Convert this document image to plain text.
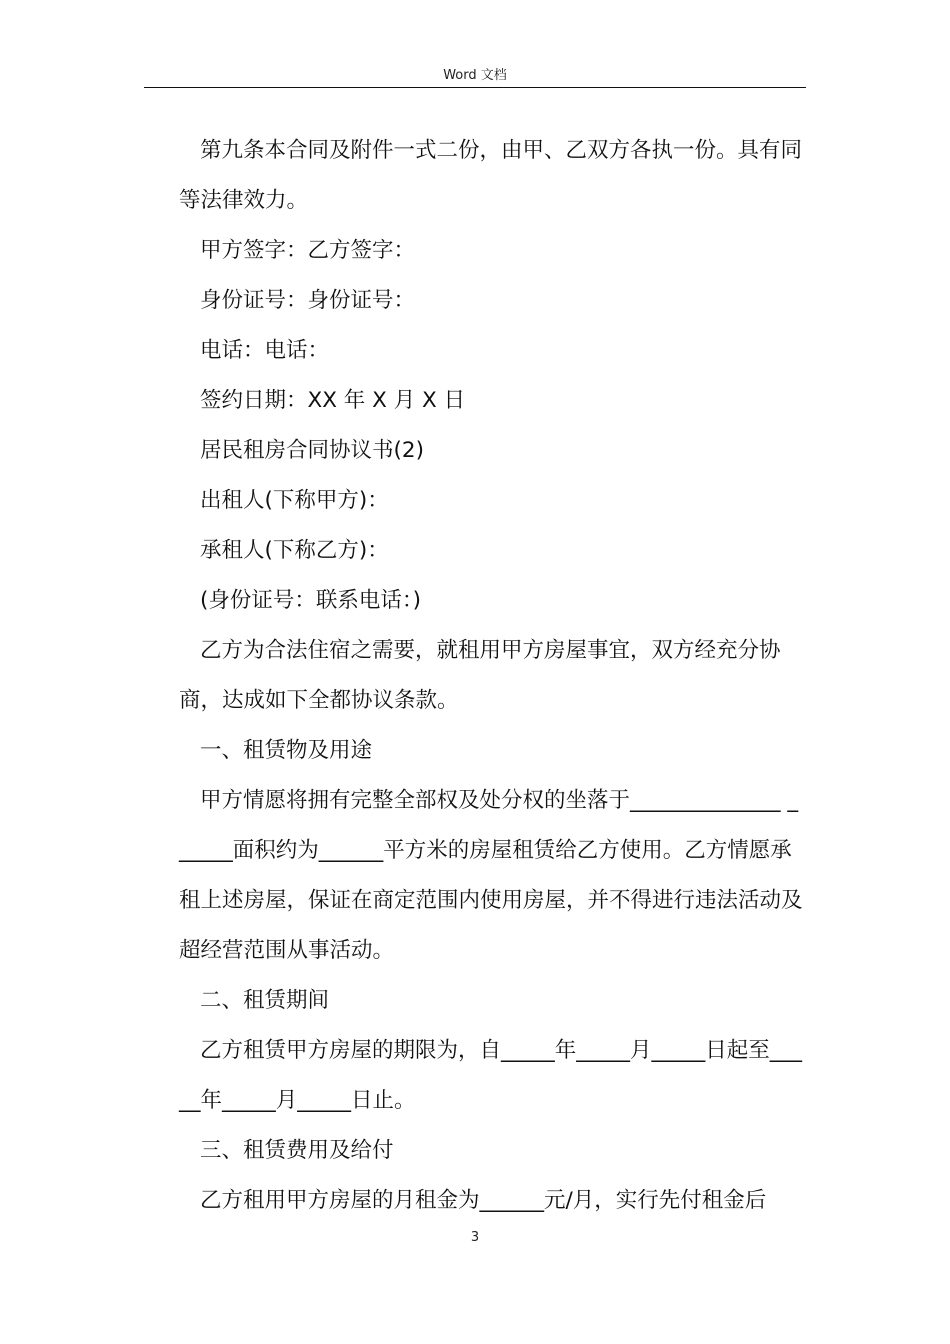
Word 文档

第九条本合同及附件一式二份，由甲、乙双方各执一份。具有同等法律效力。

甲方签字：乙方签字：

身份证号：身份证号：

电话：电话：

签约日期：XX 年 X 月 X 日

居民租房合同协议书(2)

出租人(下称甲方)：

承租人(下称乙方)：

(身份证号：联系电话：)

乙方为合法住宿之需要，就租用甲方房屋事宜，双方经充分协商，达成如下全都协议条款。

一、租赁物及用途

甲方情愿将拥有完整全部权及处分权的坐落于______________ ______面积约为______平方米的房屋租赁给乙方使用。乙方情愿承租上述房屋，保证在商定范围内使用房屋，并不得进行违法活动及超经营范围从事活动。

二、租赁期间

乙方租赁甲方房屋的期限为，自_____年_____月_____日起至_____年_____月_____日止。

三、租赁费用及给付

乙方租用甲方房屋的月租金为______元/月，实行先付租金后

3
